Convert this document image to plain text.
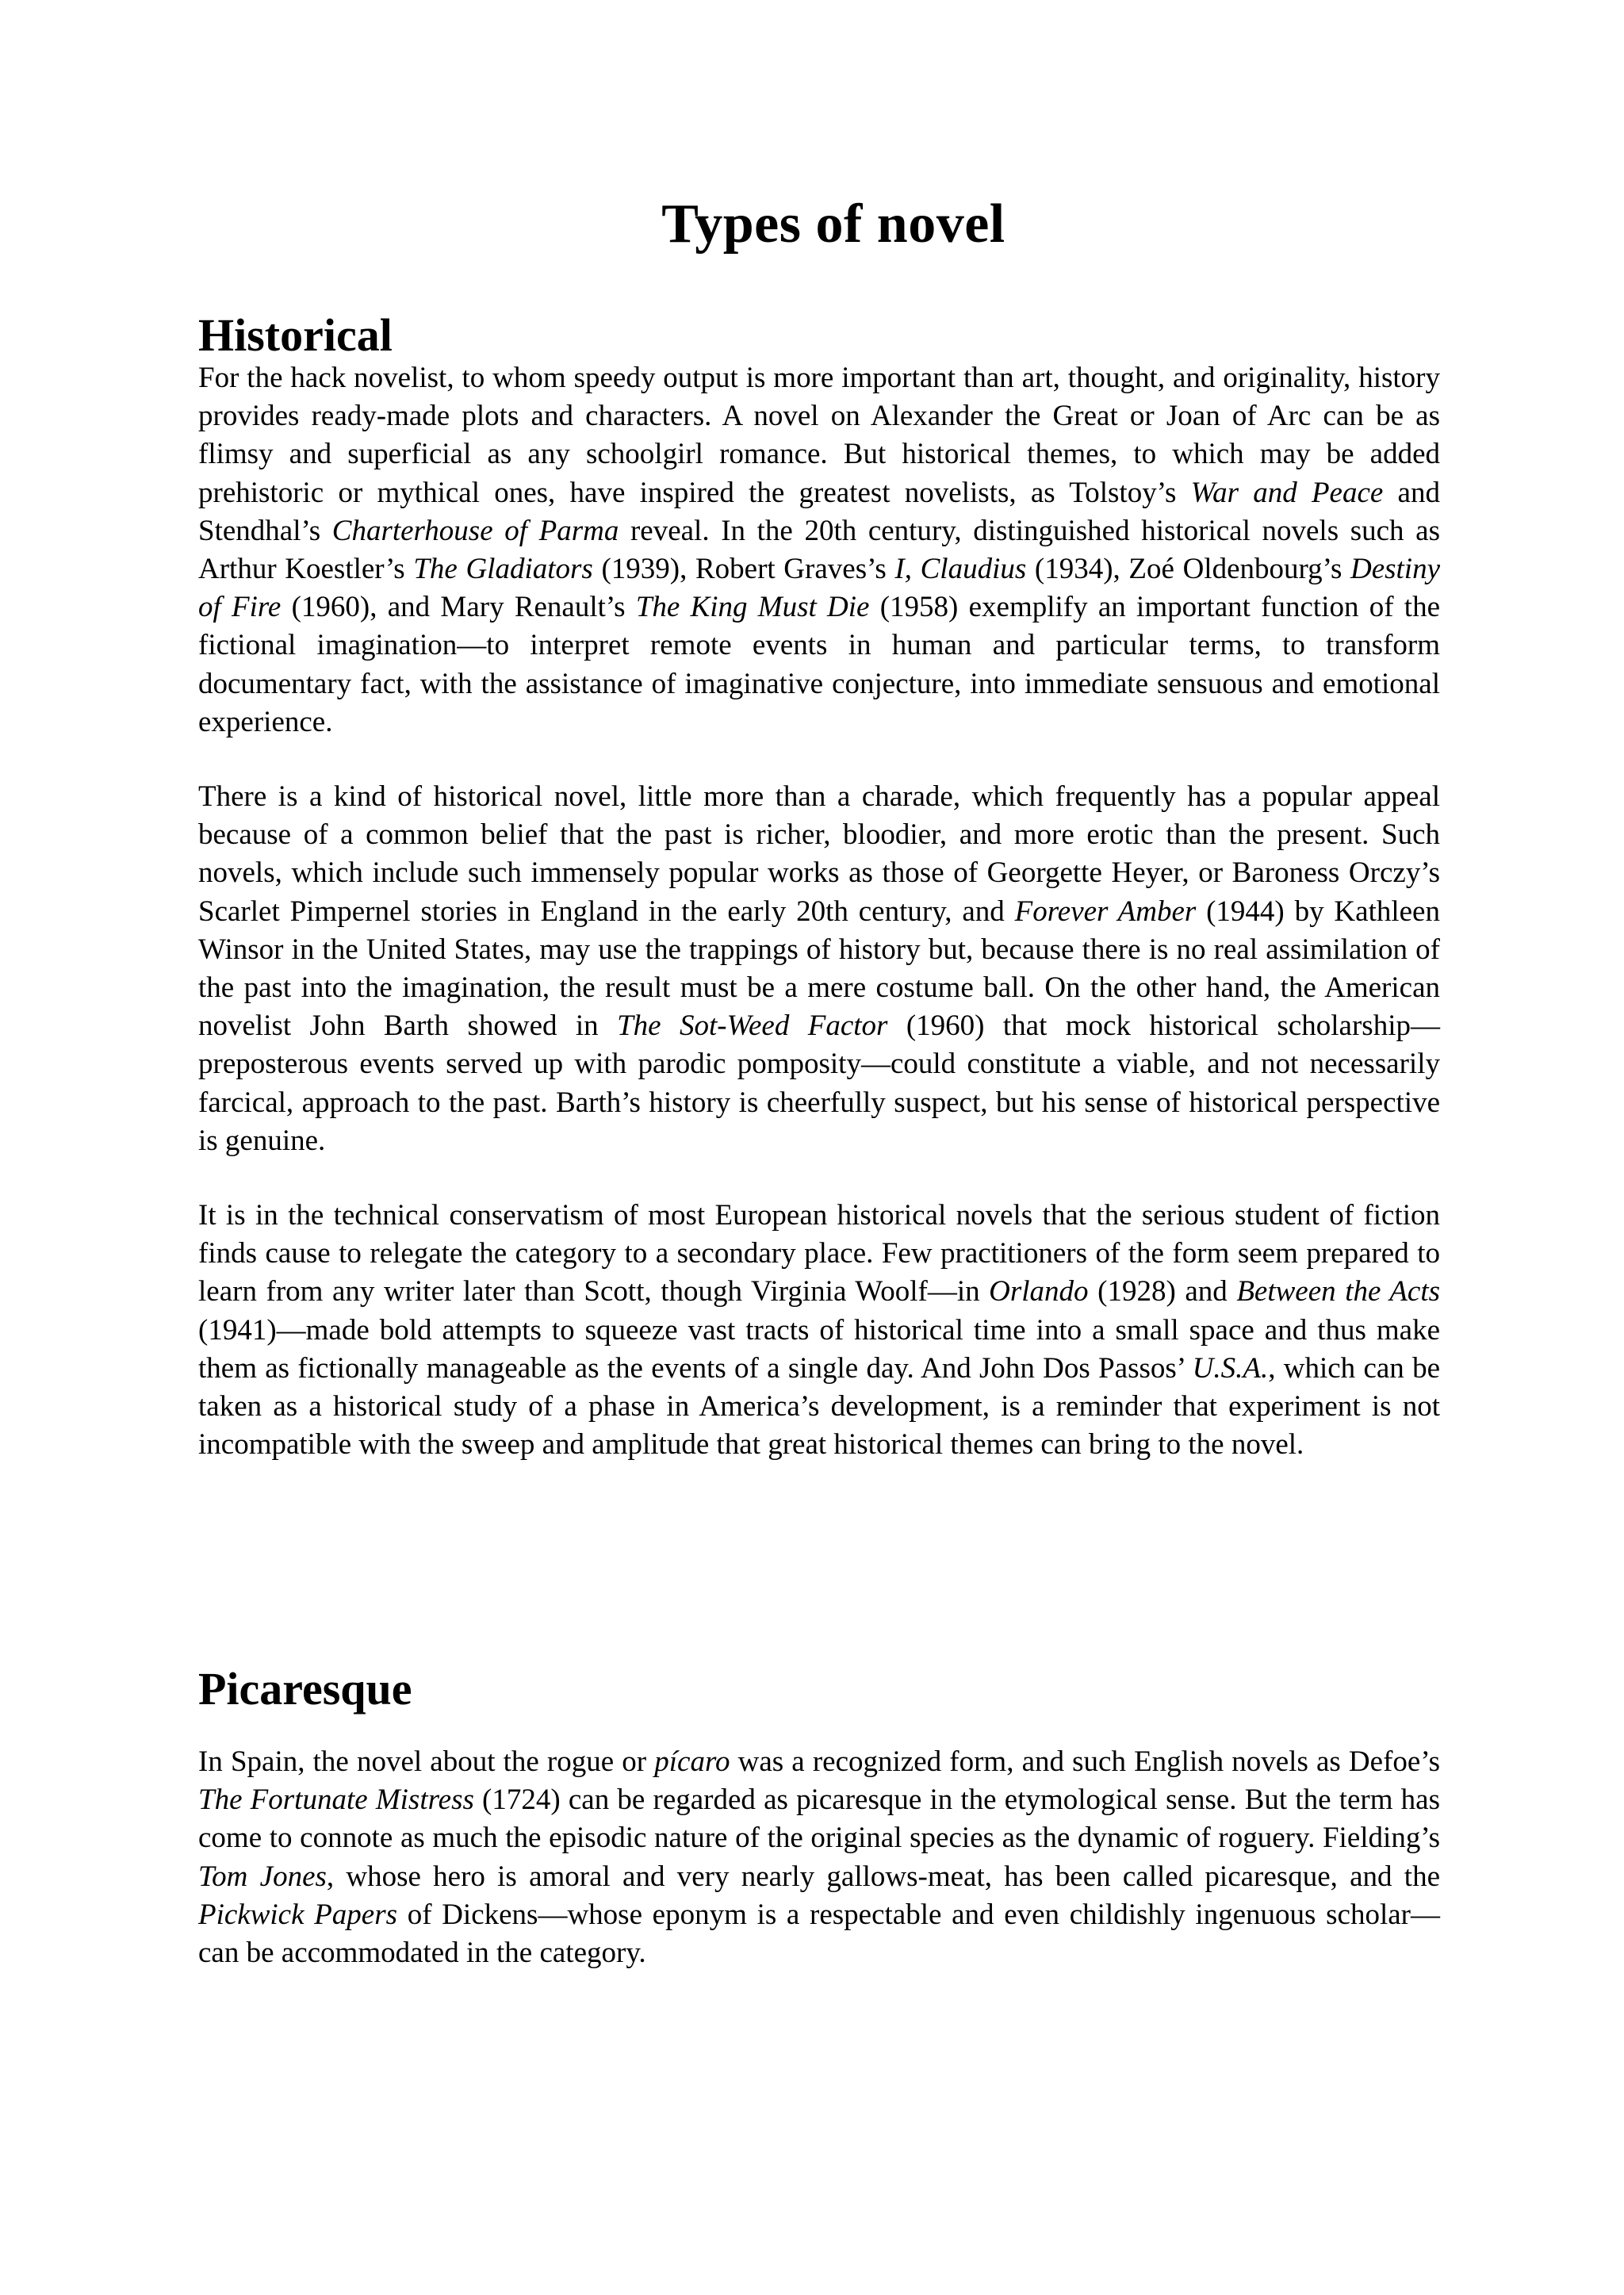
Types of novel
Historical

For the hack novelist, to whom speedy output is more important than art, thought, and originality, history provides ready-made plots and characters. A novel on Alexander the Great or Joan of Arc can be as flimsy and superficial as any schoolgirl romance. But historical themes, to which may be added prehistoric or mythical ones, have inspired the greatest novelists, as Tolstoy’s War and Peace and Stendhal’s Charterhouse of Parma reveal. In the 20th century, distinguished historical novels such as Arthur Koestler’s The Gladiators (1939), Robert Graves’s I, Claudius (1934), Zoé Oldenbourg’s Destiny of Fire (1960), and Mary Renault’s The King Must Die (1958) exemplify an important function of the fictional imagination—to interpret remote events in human and particular terms, to transform documentary fact, with the assistance of imaginative conjecture, into immediate sensuous and emotional experience.

There is a kind of historical novel, little more than a charade, which frequently has a popular appeal because of a common belief that the past is richer, bloodier, and more erotic than the present. Such novels, which include such immensely popular works as those of Georgette Heyer, or Baroness Orczy’s Scarlet Pimpernel stories in England in the early 20th century, and Forever Amber (1944) by Kathleen Winsor in the United States, may use the trappings of history but, because there is no real assimilation of the past into the imagination, the result must be a mere costume ball. On the other hand, the American novelist John Barth showed in The Sot-Weed Factor (1960) that mock historical scholarship—preposterous events served up with parodic pomposity—could constitute a viable, and not necessarily farcical, approach to the past. Barth’s history is cheerfully suspect, but his sense of historical perspective is genuine.

It is in the technical conservatism of most European historical novels that the serious student of fiction finds cause to relegate the category to a secondary place. Few practitioners of the form seem prepared to learn from any writer later than Scott, though Virginia Woolf—in Orlando (1928) and Between the Acts (1941)—made bold attempts to squeeze vast tracts of historical time into a small space and thus make them as fictionally manageable as the events of a single day. And John Dos Passos’ U.S.A., which can be taken as a historical study of a phase in America’s development, is a reminder that experiment is not incompatible with the sweep and amplitude that great historical themes can bring to the novel.

Picaresque

In Spain, the novel about the rogue or pícaro was a recognized form, and such English novels as Defoe’s The Fortunate Mistress (1724) can be regarded as picaresque in the etymological sense. But the term has come to connote as much the episodic nature of the original species as the dynamic of roguery. Fielding’s Tom Jones, whose hero is amoral and very nearly gallows-meat, has been called picaresque, and the Pickwick Papers of Dickens—whose eponym is a respectable and even childishly ingenuous scholar—can be accommodated in the category.
